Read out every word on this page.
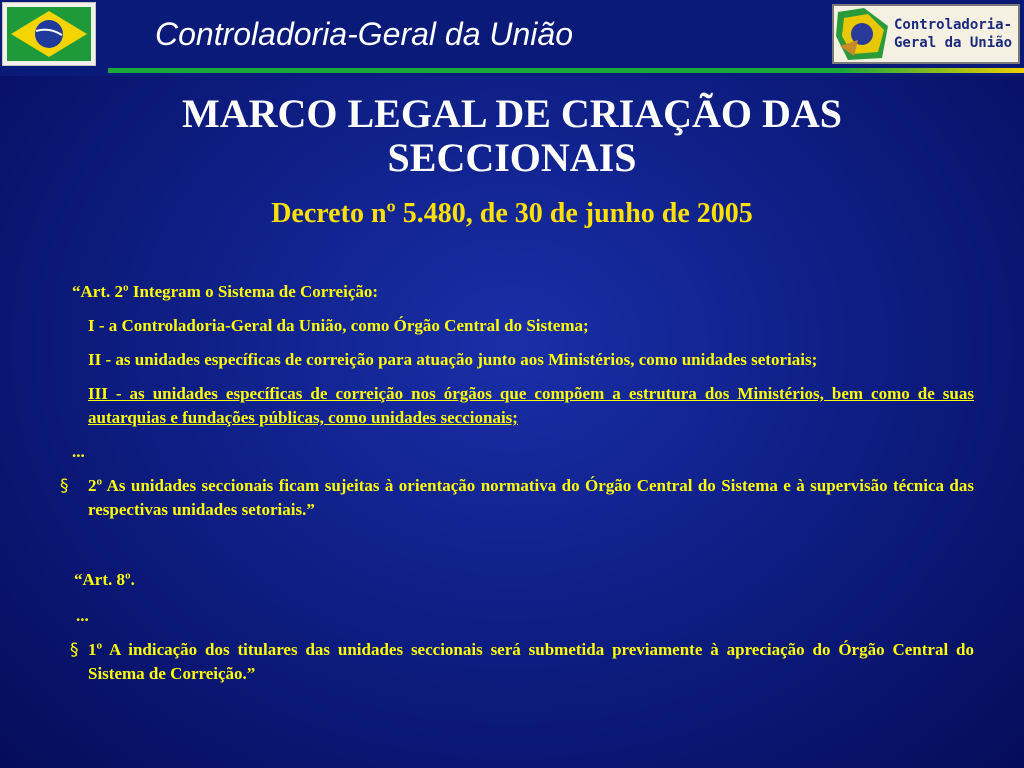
Controladoria-Geral da União	Controladoria-
Geral da União
MARCO LEGAL DE CRIAÇÃO DAS
SECCIONAIS
Decreto nº 5.480, de 30 de junho de 2005

“Art. 2º Integram o Sistema de Correição:

I - a Controladoria-Geral da União, como Órgão Central do Sistema;

II - as unidades específicas de correição para atuação junto aos Ministérios, como unidades setoriais;

III - as unidades específicas de correição nos órgãos que compõem a estrutura dos Ministérios, bem como de suas autarquias e fundações públicas, como unidades seccionais;

...

§ 2º As unidades seccionais ficam sujeitas à orientação normativa do Órgão Central do Sistema e à supervisão técnica das respectivas unidades setoriais.”

“Art. 8º.

...

§ 1º A indicação dos titulares das unidades seccionais será submetida previamente à apreciação do Órgão Central do Sistema de Correição.”
